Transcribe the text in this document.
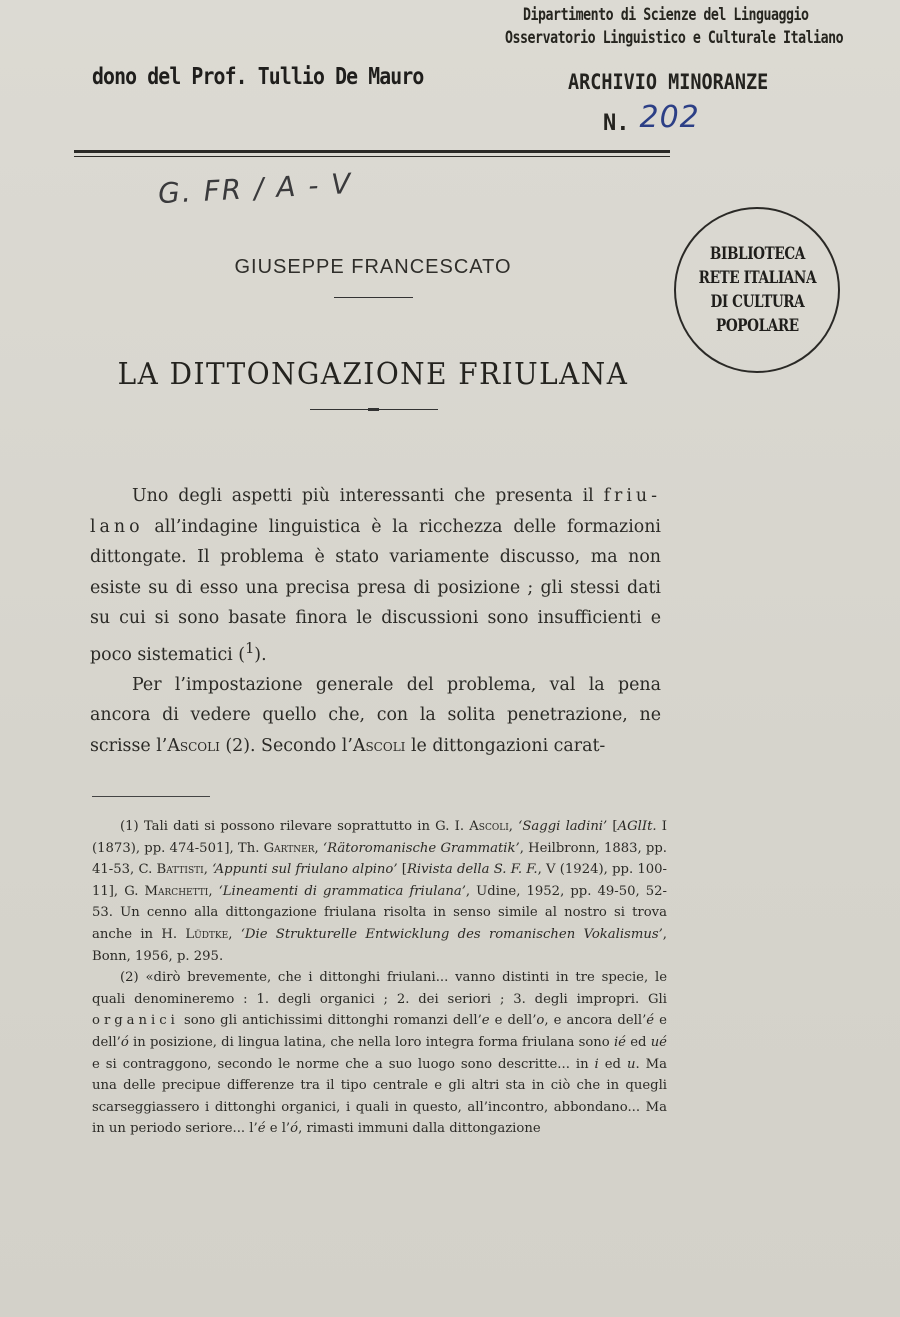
dono del Prof. Tullio De Mauro
Dipartimento di Scienze del Linguaggio
Osservatorio Linguistico e Culturale Italiano
ARCHIVIO MINORANZE
N. 202
G. FR / A - V
BIBLIOTECA
RETE ITALIANA
DI CULTURA
POPOLARE
GIUSEPPE FRANCESCATO
LA DITTONGAZIONE FRIULANA

Uno degli aspetti più interessanti che presenta il friu- lano all’indagine linguistica è la ricchezza delle formazioni dittongate. Il problema è stato variamente discusso, ma non esiste su di esso una precisa presa di posizione ; gli stessi dati su cui si sono basate finora le discussioni sono insufficienti e poco sistematici ($^1$).

Per l’impostazione generale del problema, val la pena ancora di vedere quello che, con la solita penetrazione, ne scrisse l’Ascoli (2). Secondo l’Ascoli le dittongazioni carat-

(1) Tali dati si possono rilevare soprattutto in G. I. Ascoli, ‘Saggi ladini’ [AGlIt. I (1873), pp. 474-501], Th. Gartner, ‘Rätoromanische Grammatik’, Heilbronn, 1883, pp. 41-53, C. Battisti, ‘Appunti sul friulano alpino’ [Rivista della S. F. F., V (1924), pp. 100-11], G. Marchetti, ‘Lineamenti di grammatica friulana’, Udine, 1952, pp. 49-50, 52-53. Un cenno alla dittongazione friulana risolta in senso simile al nostro si trova anche in H. Lüdtke, ‘Die Strukturelle Entwicklung des romanischen Vokalismus’, Bonn, 1956, p. 295.

(2) «dirò brevemente, che i dittonghi friulani... vanno distinti in tre specie, le quali denomineremo : 1. degli organici ; 2. dei seriori ; 3. degli impropri. Gli organici sono gli antichissimi dittonghi romanzi dell’e e dell’o, e ancora dell’é e dell’ó in posizione, di lingua latina, che nella loro integra forma friulana sono ié ed ué e si contraggono, secondo le norme che a suo luogo sono descritte... in i ed u. Ma una delle precipue differenze tra il tipo centrale e gli altri sta in ciò che in quegli scarseggiassero i dittonghi organici, i quali in questo, all’incontro, abbondano... Ma in un periodo seriore... l’é e l’ó, rimasti immuni dalla dittongazione
